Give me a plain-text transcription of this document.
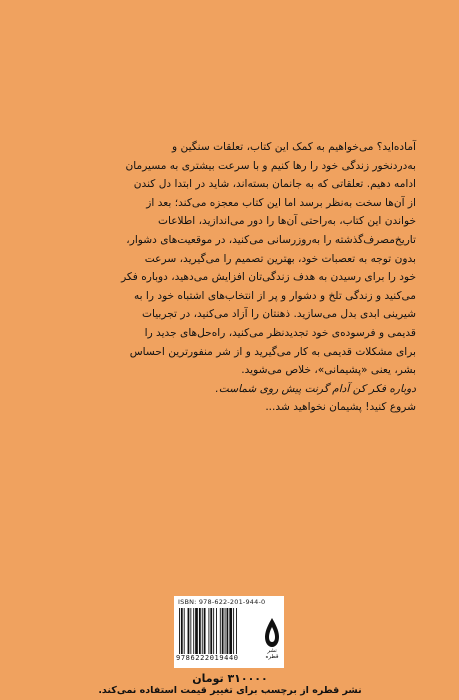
آماده‌اید؟ می‌خواهیم به کمک این کتاب، تعلقات سنگین و
به‌دردنخور زندگی خود را رها کنیم و با سرعت بیشتری به مسیرمان
ادامه دهیم. تعلقاتی که به جانمان بسته‌اند، شاید در ابتدا دل کندن
از آن‌ها سخت به‌نظر برسد اما این کتاب معجزه می‌کند؛ بعد از
خواندن این کتاب، به‌راحتی آن‌ها را دور می‌اندازید، اطلاعات
تاریخ‌مصرف‌گذشته را به‌روزرسانی می‌کنید، در موقعیت‌های دشوار،
بدون توجه به تعصبات خود، بهترین تصمیم را می‌گیرید، سرعت
خود را برای رسیدن به هدف زندگی‌تان افزایش می‌دهید، دوباره فکر
می‌کنید و زندگی تلخ و دشوار و پر از انتخاب‌های اشتباه خود را به
شیرینی ابدی بدل می‌سازید. ذهنتان را آزاد می‌کنید، در تجربیات
قدیمی و فرسوده‌ی خود تجدیدنظر می‌کنید، راه‌حل‌های جدید را
برای مشکلات قدیمی به کار می‌گیرید و از شر منفورترین احساس
بشر، یعنی «پشیمانی»، خلاص می‌شوید.
دوباره فکر کن آدام گرنت پیش روی شماست.
شروع کنید! پشیمان نخواهید شد...
ISBN: 978-622-201-944-0
9786222019440
نشر قطره
۳۱۰۰۰۰ تومان
نشر قطره از برچسب برای تغییر قیمت استفاده نمی‌کند.
